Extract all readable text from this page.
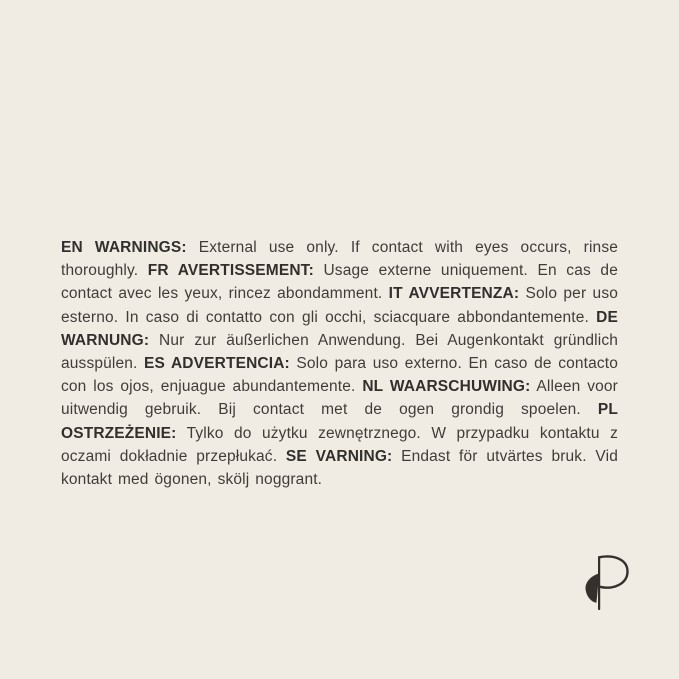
EN WARNINGS: External use only. If contact with eyes occurs, rinse thoroughly. FR AVERTISSEMENT: Usage externe uniquement. En cas de contact avec les yeux, rincez abondamment. IT AVVERTENZA: Solo per uso esterno. In caso di contatto con gli occhi, sciacquare abbondantemente. DE WARNUNG: Nur zur äußerlichen Anwendung. Bei Augenkontakt gründlich ausspülen. ES ADVERTENCIA: Solo para uso externo. En caso de contacto con los ojos, enjuague abundantemente. NL WAARSCHUWING: Alleen voor uitwendig gebruik. Bij contact met de ogen grondig spoelen. PL OSTRZEŻENIE: Tylko do użytku zewnętrznego. W przypadku kontaktu z oczami dokładnie przepłukać. SE VARNING: Endast för utvärtes bruk. Vid kontakt med ögonen, skölj noggrant.
